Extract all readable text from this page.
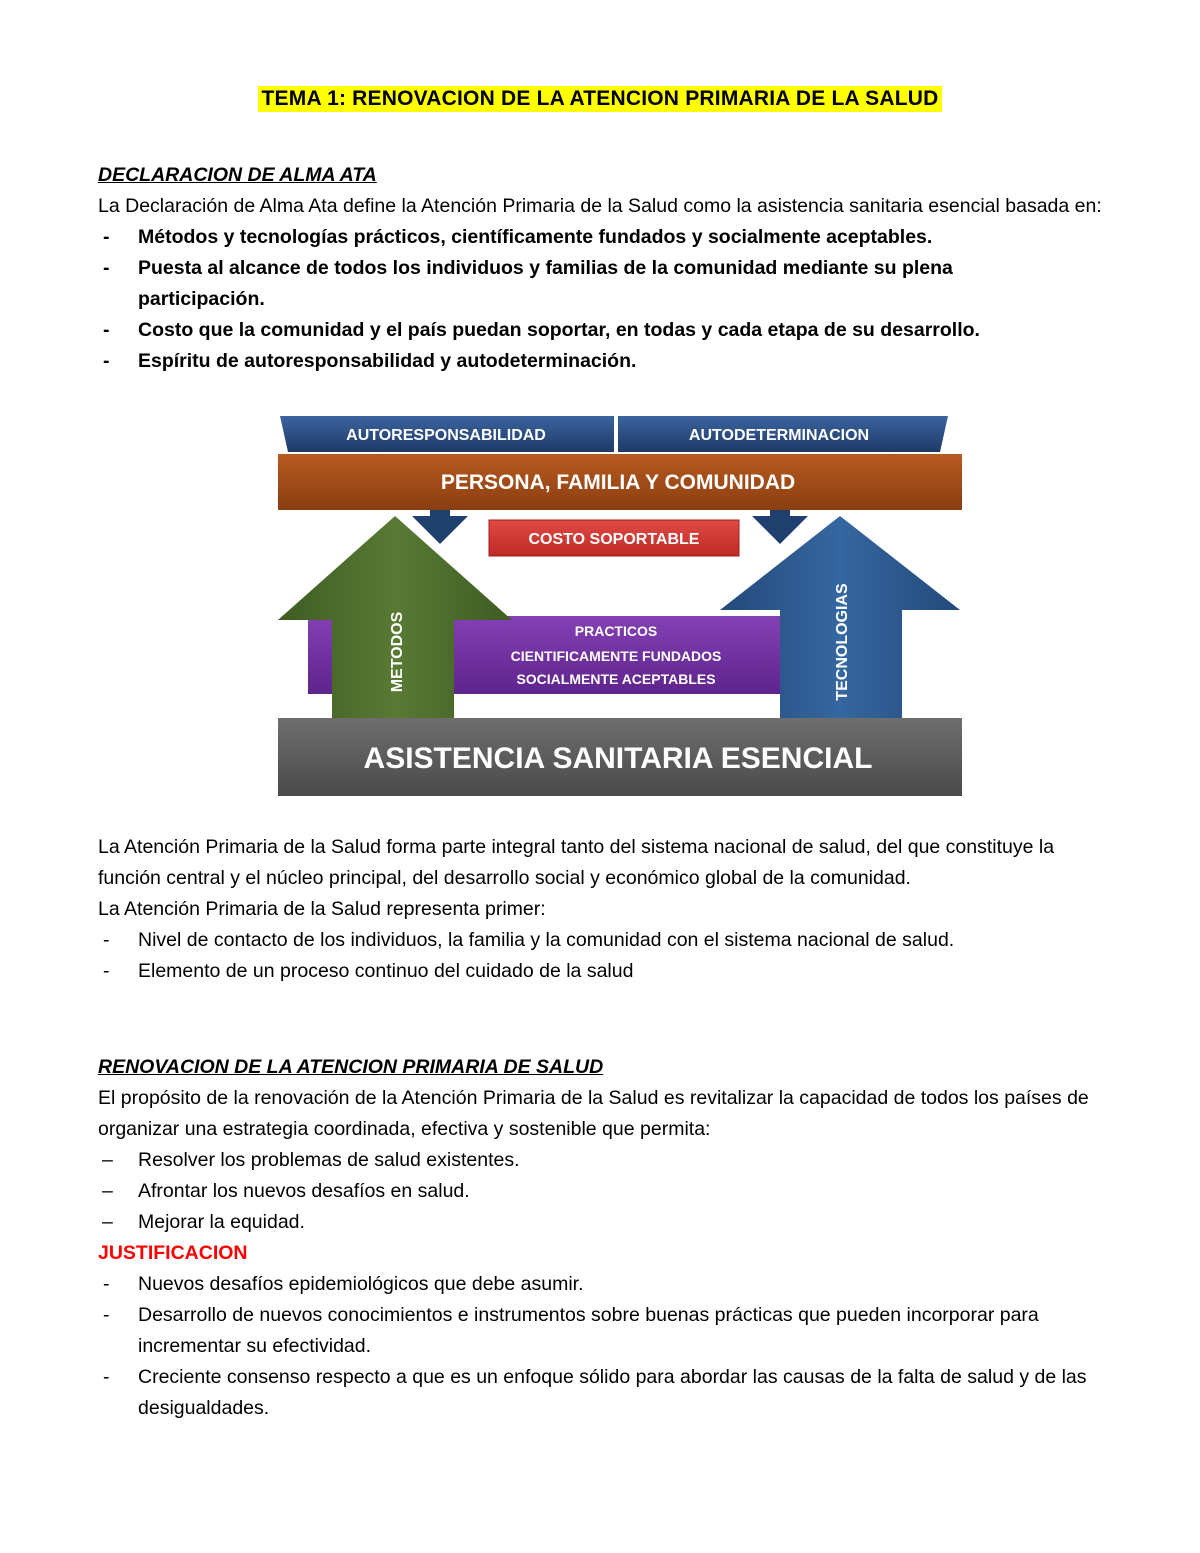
TEMA 1: RENOVACION DE LA ATENCION PRIMARIA DE LA SALUD

DECLARACION DE ALMA ATA

La Declaración de Alma Ata define la Atención Primaria de la Salud como la asistencia sanitaria esencial basada en:

- Métodos y tecnologías prácticos, científicamente fundados y socialmente aceptables.
- Puesta al alcance de todos los individuos y familias de la comunidad mediante su plena participación.
- Costo que la comunidad y el país puedan soportar, en todas y cada etapa de su desarrollo.
- Espíritu de autoresponsabilidad y autodeterminación.
AUTORESPONSABILIDAD	AUTODETERMINACION
PERSONA, FAMILIA Y COMUNIDAD
COSTO SOPORTABLE
PRACTICOS
CIENTIFICAMENTE FUNDADOS
SOCIALMENTE ACEPTABLES
METODOS	TECNOLOGIAS
ASISTENCIA SANITARIA ESENCIAL

La Atención Primaria de la Salud forma parte integral tanto del sistema nacional de salud, del que constituye la función central y el núcleo principal, del desarrollo social y económico global de la comunidad.

La Atención Primaria de la Salud representa primer:

- Nivel de contacto de los individuos, la familia y la comunidad con el sistema nacional de salud.
- Elemento de un proceso continuo del cuidado de la salud

RENOVACION DE LA ATENCION PRIMARIA DE SALUD

El propósito de la renovación de la Atención Primaria de la Salud es revitalizar la capacidad de todos los países de organizar una estrategia coordinada, efectiva y sostenible que permita:

– Resolver los problemas de salud existentes.
– Afrontar los nuevos desafíos en salud.
– Mejorar la equidad.

JUSTIFICACION

- Nuevos desafíos epidemiológicos que debe asumir.
- Desarrollo de nuevos conocimientos e instrumentos sobre buenas prácticas que pueden incorporar para incrementar su efectividad.
- Creciente consenso respecto a que es un enfoque sólido para abordar las causas de la falta de salud y de las desigualdades.
